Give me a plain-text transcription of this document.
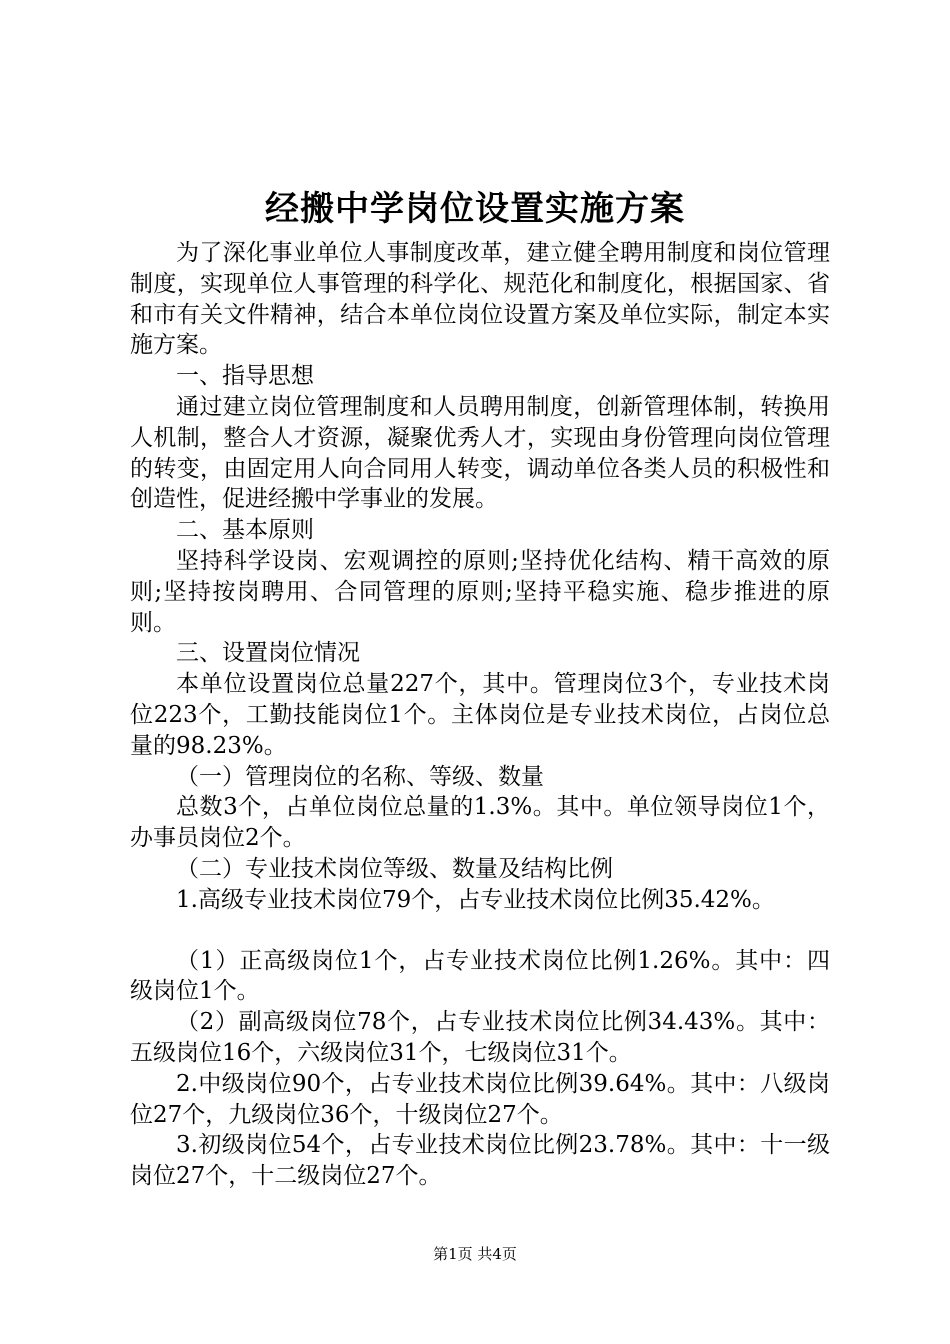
经搬中学岗位设置实施方案

为了深化事业单位人事制度改革，建立健全聘用制度和岗位管理制度，实现单位人事管理的科学化、规范化和制度化，根据国家、省和市有关文件精神，结合本单位岗位设置方案及单位实际，制定本实施方案。

一、指导思想

通过建立岗位管理制度和人员聘用制度，创新管理体制，转换用人机制，整合人才资源，凝聚优秀人才，实现由身份管理向岗位管理的转变，由固定用人向合同用人转变，调动单位各类人员的积极性和创造性，促进经搬中学事业的发展。

二、基本原则

坚持科学设岗、宏观调控的原则;坚持优化结构、精干高效的原则;坚持按岗聘用、合同管理的原则;坚持平稳实施、稳步推进的原则。

三、设置岗位情况

本单位设置岗位总量227个，其中。管理岗位3个，专业技术岗位223个，工勤技能岗位1个。主体岗位是专业技术岗位，占岗位总量的98.23%。

（一）管理岗位的名称、等级、数量

总数3个，占单位岗位总量的1.3%。其中。单位领导岗位1个，办事员岗位2个。

（二）专业技术岗位等级、数量及结构比例

1.高级专业技术岗位79个，占专业技术岗位比例35.42%。

（1）正高级岗位1个，占专业技术岗位比例1.26%。其中：四级岗位1个。

（2）副高级岗位78个，占专业技术岗位比例34.43%。其中：五级岗位16个，六级岗位31个，七级岗位31个。

2.中级岗位90个，占专业技术岗位比例39.64%。其中：八级岗位27个，九级岗位36个，十级岗位27个。

3.初级岗位54个，占专业技术岗位比例23.78%。其中：十一级岗位27个，十二级岗位27个。

第1页 共4页
